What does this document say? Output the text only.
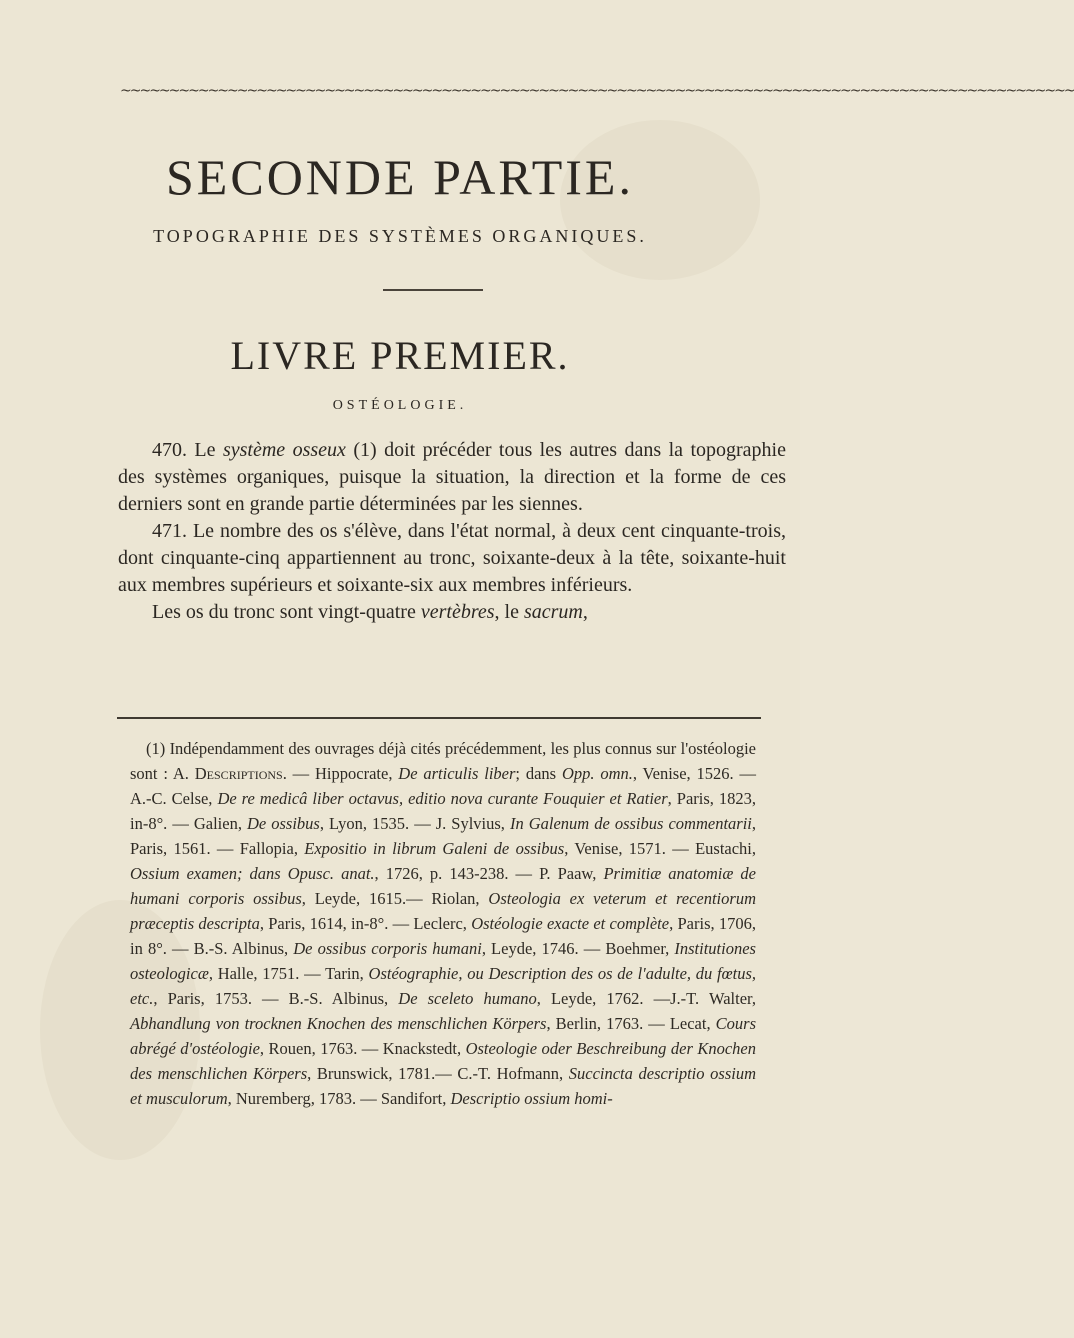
~~~~~~~~~~~~~~~~~~~~~~~~~~~~~~~~~~~~~~~~~~~~~~~~~~~~~~~~~~~~~~~~~~~~~~~~~~~~~~~~~~~~~~~~~~~~~~~~~~
SECONDE PARTIE.
TOPOGRAPHIE DES SYSTÈMES ORGANIQUES.
LIVRE PREMIER.
OSTÉOLOGIE.

470. Le système osseux (1) doit précéder tous les autres dans la topographie des systèmes organiques, puisque la situation, la direction et la forme de ces derniers sont en grande partie déterminées par les siennes.

471. Le nombre des os s'élève, dans l'état normal, à deux cent cinquante-trois, dont cinquante-cinq appartiennent au tronc, soixante-deux à la tête, soixante-huit aux membres supérieurs et soixante-six aux membres inférieurs.

Les os du tronc sont vingt-quatre vertèbres, le sacrum,

(1) Indépendamment des ouvrages déjà cités précédemment, les plus connus sur l'ostéologie sont : A. Descriptions. — Hippocrate, De articulis liber; dans Opp. omn., Venise, 1526. — A.-C. Celse, De re medicâ liber octavus, editio nova curante Fouquier et Ratier, Paris, 1823, in-8°. — Galien, De ossibus, Lyon, 1535. — J. Sylvius, In Galenum de ossibus commentarii, Paris, 1561. — Fallopia, Expositio in librum Galeni de ossibus, Venise, 1571. — Eustachi, Ossium examen; dans Opusc. anat., 1726, p. 143-238. — P. Paaw, Primitiæ anatomiæ de humani corporis ossibus, Leyde, 1615.— Riolan, Osteologia ex veterum et recentiorum præceptis descripta, Paris, 1614, in-8°. — Leclerc, Ostéologie exacte et complète, Paris, 1706, in 8°. — B.-S. Albinus, De ossibus corporis humani, Leyde, 1746. — Boehmer, Institutiones osteologicæ, Halle, 1751. — Tarin, Ostéographie, ou Description des os de l'adulte, du fœtus, etc., Paris, 1753. — B.-S. Albinus, De sceleto humano, Leyde, 1762. —J.-T. Walter, Abhandlung von trocknen Knochen des menschlichen Körpers, Berlin, 1763. — Lecat, Cours abrégé d'ostéologie, Rouen, 1763. — Knackstedt, Osteologie oder Beschreibung der Knochen des menschlichen Körpers, Brunswick, 1781.— C.-T. Hofmann, Succincta descriptio ossium et musculorum, Nuremberg, 1783. — Sandifort, Descriptio ossium homi-
